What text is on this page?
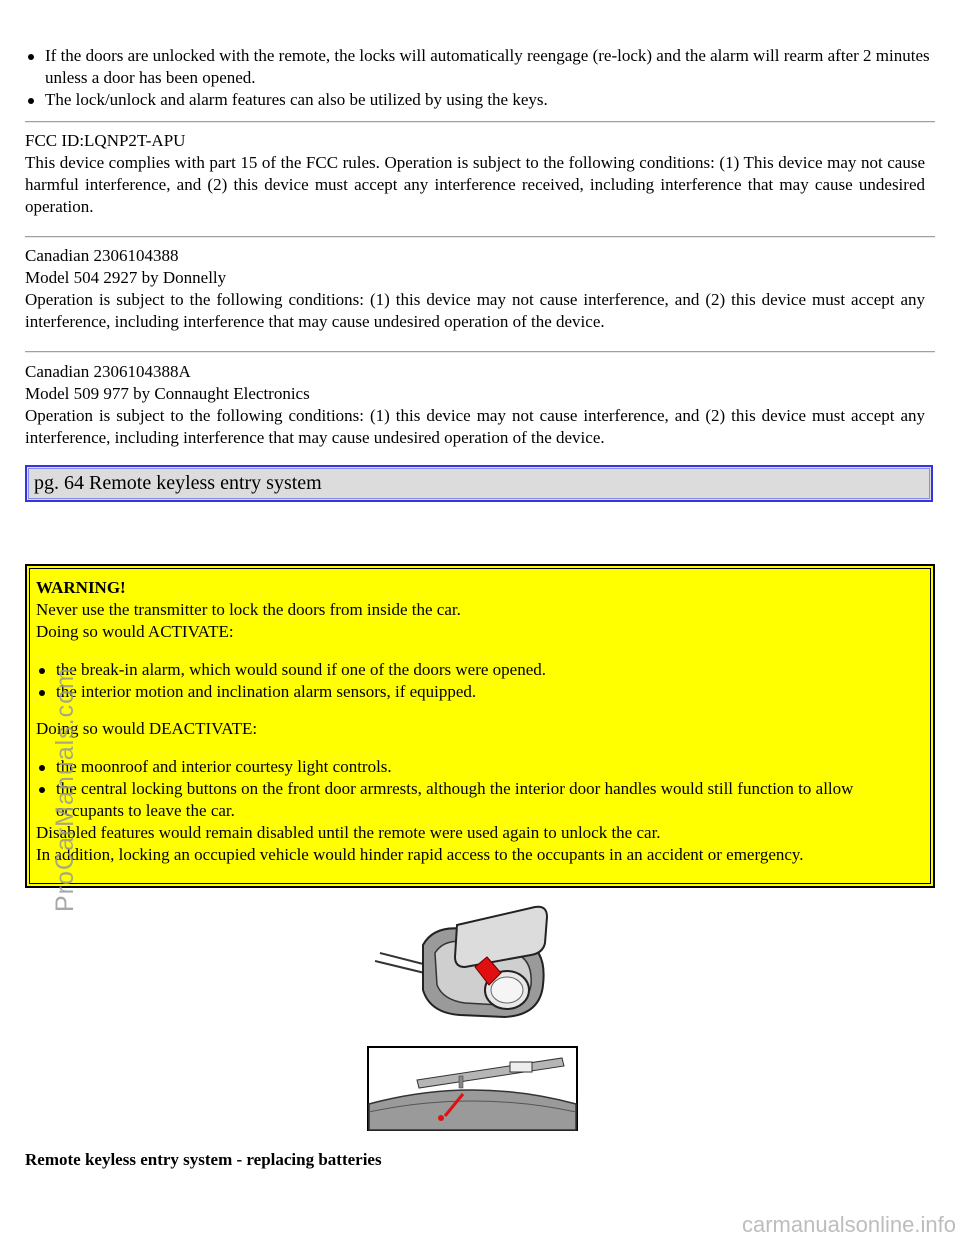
If the doors are unlocked with the remote, the locks will automatically reengage (re-lock) and the alarm will rearm after 2 minutes unless a door has been opened.
The lock/unlock and alarm features can also be utilized by using the keys.
FCC ID:LQNP2T-APU
This device complies with part 15 of the FCC rules. Operation is subject to the following conditions: (1) This device may not cause harmful interference, and (2) this device must accept any interference received, including interference that may cause undesired operation.
Canadian 2306104388
Model 504 2927 by Donnelly
Operation is subject to the following conditions: (1) this device may not cause interference, and (2) this device must accept any interference, including interference that may cause undesired operation of the device.
Canadian 2306104388A
Model 509 977 by Connaught Electronics
Operation is subject to the following conditions: (1) this device may not cause interference, and (2) this device must accept any interference, including interference that may cause undesired operation of the device.
pg. 64 Remote keyless entry system
WARNING!
Never use the transmitter to lock the doors from inside the car.
Doing so would ACTIVATE:
the break-in alarm, which would sound if one of the doors were opened.
the interior motion and inclination alarm sensors, if equipped.
Doing so would DEACTIVATE:
the moonroof and interior courtesy light controls.
the central locking buttons on the front door armrests, although the interior door handles would still function to allow occupants to leave the car.
Disabled features would remain disabled until the remote were used again to unlock the car.
In addition, locking an occupied vehicle would hinder rapid access to the occupants in an accident or emergency.
Remote keyless entry system - replacing batteries
ProCarManuals.com
carmanualsonline.info
